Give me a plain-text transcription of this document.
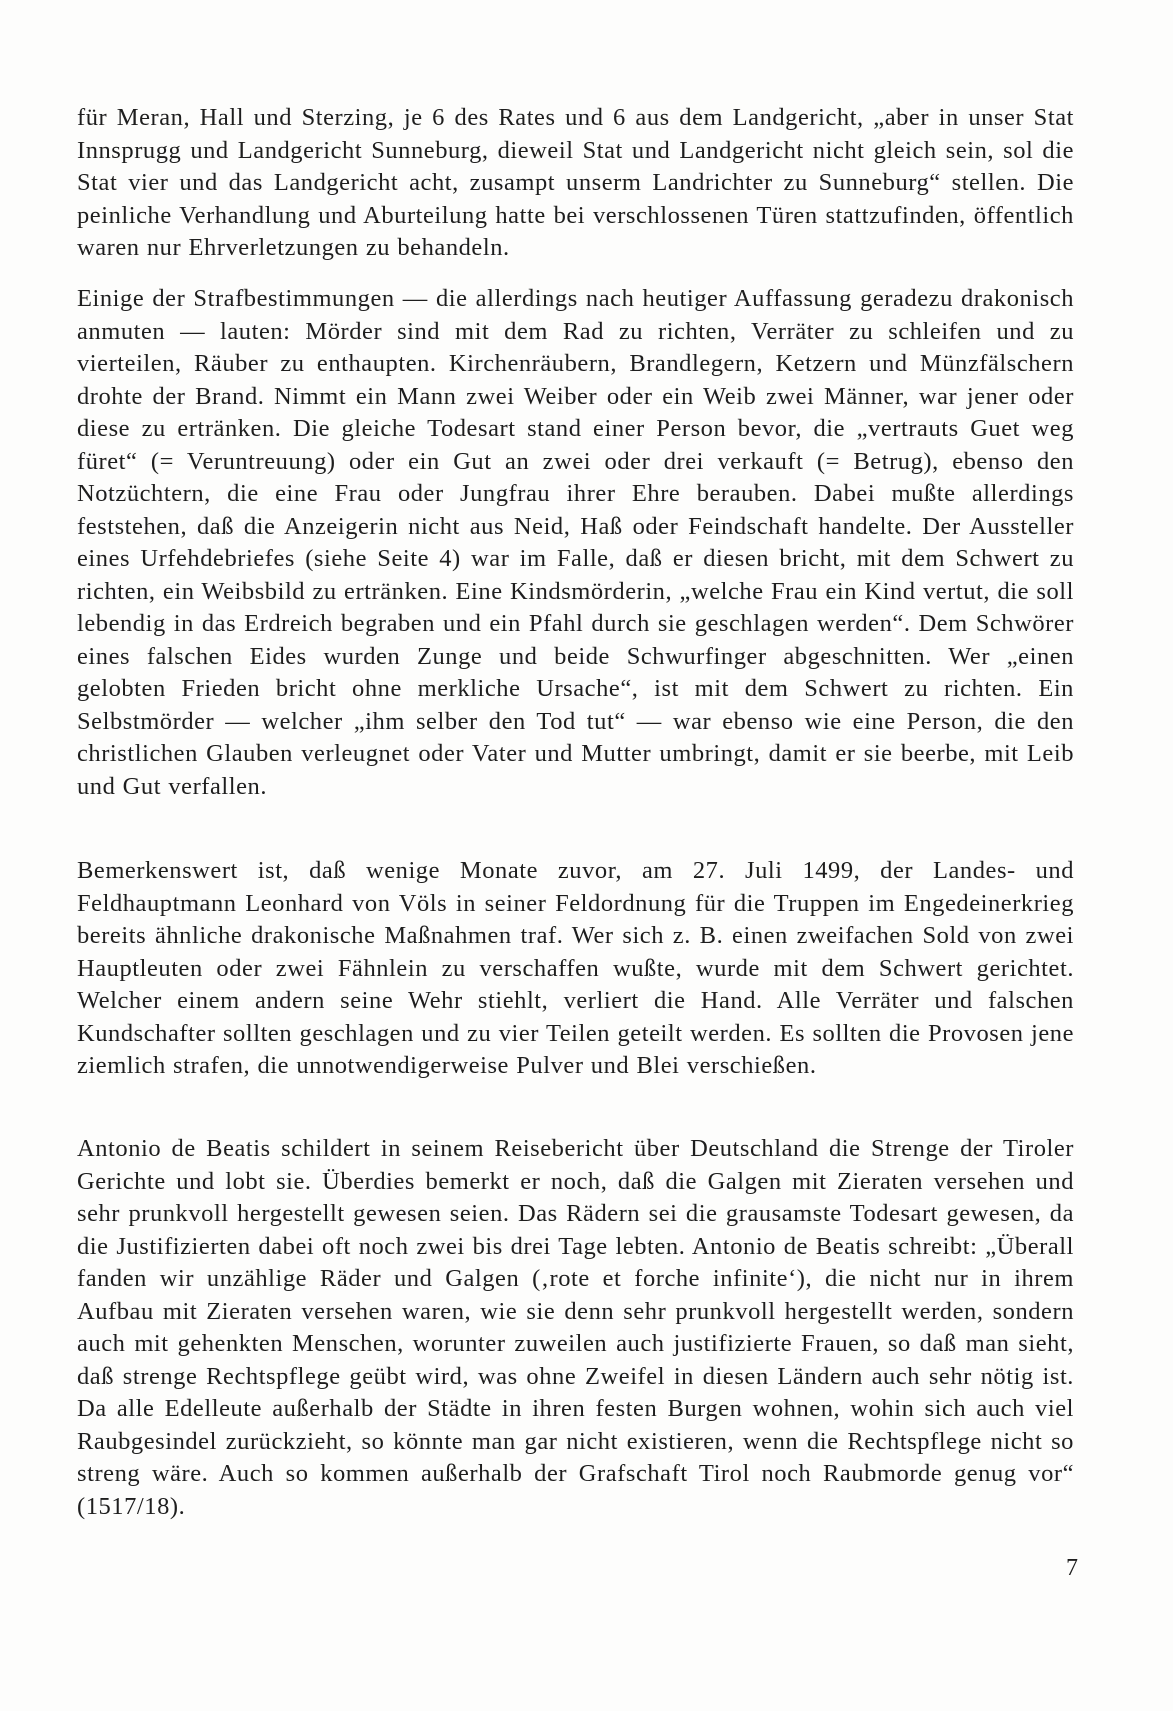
für Meran, Hall und Sterzing, je 6 des Rates und 6 aus dem Landgericht, „aber in unser Stat Innsprugg und Landgericht Sunneburg, dieweil Stat und Landgericht nicht gleich sein, sol die Stat vier und das Landgericht acht, zusampt unserm Landrichter zu Sunneburg“ stellen. Die peinliche Verhandlung und Aburteilung hatte bei verschlossenen Türen stattzufinden, öffentlich waren nur Ehrverletzungen zu behandeln.

Einige der Strafbestimmungen — die allerdings nach heutiger Auffassung geradezu drakonisch anmuten — lauten: Mörder sind mit dem Rad zu richten, Verräter zu schleifen und zu vierteilen, Räuber zu enthaupten. Kirchenräubern, Brandlegern, Ketzern und Münzfälschern drohte der Brand. Nimmt ein Mann zwei Weiber oder ein Weib zwei Männer, war jener oder diese zu ertränken. Die gleiche Todesart stand einer Person bevor, die „vertrauts Guet weg füret“ (= Veruntreuung) oder ein Gut an zwei oder drei verkauft (= Betrug), ebenso den Notzüchtern, die eine Frau oder Jungfrau ihrer Ehre berauben. Dabei mußte allerdings feststehen, daß die Anzeigerin nicht aus Neid, Haß oder Feindschaft handelte. Der Aussteller eines Urfehdebriefes (siehe Seite 4) war im Falle, daß er diesen bricht, mit dem Schwert zu richten, ein Weibsbild zu ertränken. Eine Kindsmörderin, „welche Frau ein Kind vertut, die soll lebendig in das Erdreich begraben und ein Pfahl durch sie geschlagen werden“. Dem Schwörer eines falschen Eides wurden Zunge und beide Schwurfinger abgeschnitten. Wer „einen gelobten Frieden bricht ohne merkliche Ursache“, ist mit dem Schwert zu richten. Ein Selbstmörder — welcher „ihm selber den Tod tut“ — war ebenso wie eine Person, die den christlichen Glauben verleugnet oder Vater und Mutter umbringt, damit er sie beerbe, mit Leib und Gut verfallen.

Bemerkenswert ist, daß wenige Monate zuvor, am 27. Juli 1499, der Landes- und Feldhauptmann Leonhard von Völs in seiner Feldordnung für die Truppen im Engedeinerkrieg bereits ähnliche drakonische Maßnahmen traf. Wer sich z. B. einen zweifachen Sold von zwei Hauptleuten oder zwei Fähnlein zu verschaffen wußte, wurde mit dem Schwert gerichtet. Welcher einem andern seine Wehr stiehlt, verliert die Hand. Alle Verräter und falschen Kundschafter sollten geschlagen und zu vier Teilen geteilt werden. Es sollten die Provosen jene ziemlich strafen, die unnotwendigerweise Pulver und Blei verschießen.

Antonio de Beatis schildert in seinem Reisebericht über Deutschland die Strenge der Tiroler Gerichte und lobt sie. Überdies bemerkt er noch, daß die Galgen mit Zieraten versehen und sehr prunkvoll hergestellt gewesen seien. Das Rädern sei die grausamste Todesart gewesen, da die Justifizierten dabei oft noch zwei bis drei Tage lebten. Antonio de Beatis schreibt: „Überall fanden wir unzählige Räder und Galgen (‚rote et forche infinite‘), die nicht nur in ihrem Aufbau mit Zieraten versehen waren, wie sie denn sehr prunkvoll hergestellt werden, sondern auch mit gehenkten Menschen, worunter zuweilen auch justifizierte Frauen, so daß man sieht, daß strenge Rechtspflege geübt wird, was ohne Zweifel in diesen Ländern auch sehr nötig ist. Da alle Edelleute außerhalb der Städte in ihren festen Burgen wohnen, wohin sich auch viel Raubgesindel zurückzieht, so könnte man gar nicht existieren, wenn die Rechtspflege nicht so streng wäre. Auch so kommen außerhalb der Grafschaft Tirol noch Raubmorde genug vor“ (1517/18).

7
